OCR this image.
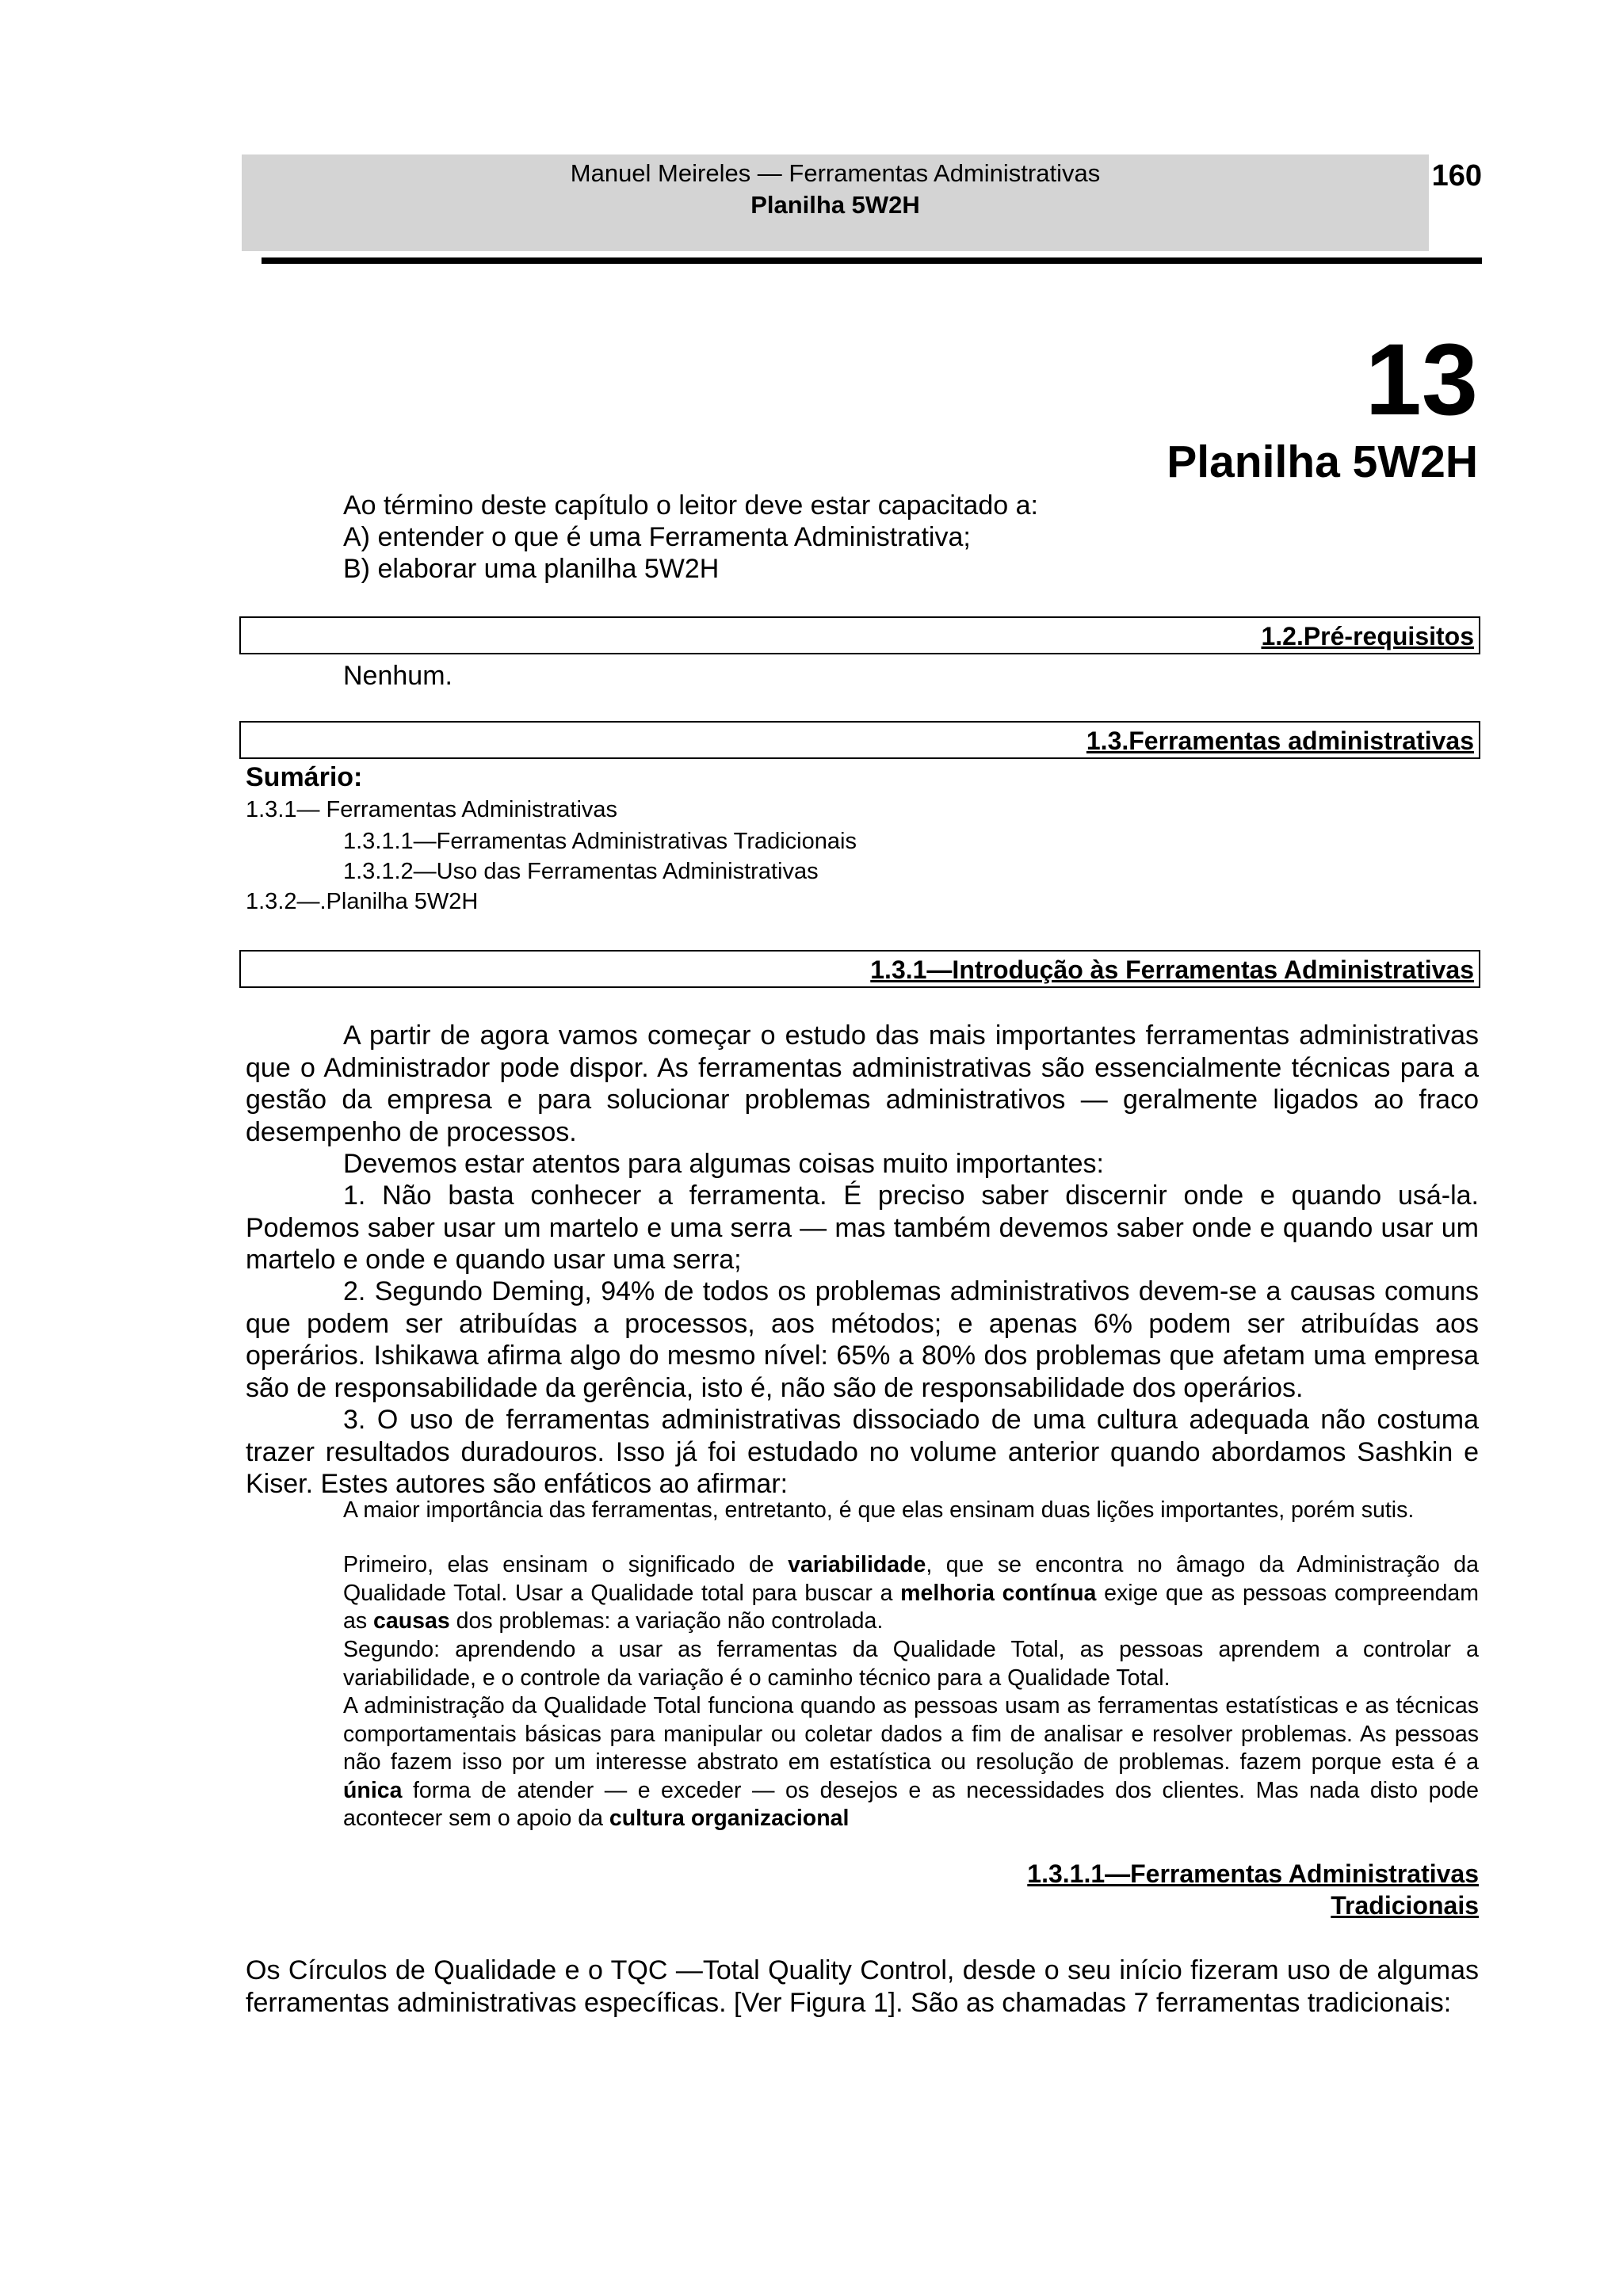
Manuel Meireles — Ferramentas Administrativas
Planilha 5W2H
160
13
Planilha 5W2H
Ao término deste capítulo o leitor deve estar capacitado a:
A) entender o que é uma Ferramenta Administrativa;
B) elaborar uma planilha 5W2H
1.2.Pré-requisitos
Nenhum.
1.3.Ferramentas administrativas
Sumário:
1.3.1— Ferramentas Administrativas
1.3.1.1—Ferramentas Administrativas Tradicionais
1.3.1.2—Uso das Ferramentas Administrativas
1.3.2—.Planilha 5W2H
1.3.1—Introdução às Ferramentas Administrativas
A partir de agora vamos começar o estudo das mais importantes ferramentas administrativas que o Administrador pode dispor. As ferramentas administrativas são essencialmente técnicas para a gestão da empresa e para solucionar problemas administrativos — geralmente ligados ao fraco desempenho de processos.
Devemos estar atentos para algumas coisas muito importantes:
1. Não basta conhecer a ferramenta. É preciso saber discernir onde e quando usá-la. Podemos saber usar um martelo e uma serra — mas também devemos saber onde e quando usar um martelo e onde e quando usar uma serra;
2. Segundo Deming, 94% de todos os problemas administrativos devem-se a causas comuns que podem ser atribuídas a processos, aos métodos; e apenas 6% podem ser atribuídas aos operários. Ishikawa afirma algo do mesmo nível: 65% a 80% dos problemas que afetam uma empresa são de responsabilidade da gerência, isto é, não são de responsabilidade dos operários.
3. O uso de ferramentas administrativas dissociado de uma cultura adequada não costuma trazer resultados duradouros. Isso já foi estudado no volume anterior quando abordamos Sashkin e Kiser. Estes autores são enfáticos ao afirmar:
A maior importância das ferramentas, entretanto, é que elas ensinam duas lições importantes, porém sutis.
Primeiro, elas ensinam o significado de variabilidade, que se encontra no âmago da Administração da Qualidade Total. Usar a Qualidade total para buscar a melhoria contínua exige que as pessoas compreendam as causas dos problemas: a variação não controlada.
Segundo: aprendendo a usar as ferramentas da Qualidade Total, as pessoas aprendem a controlar a variabilidade, e o controle da variação é o caminho técnico para a Qualidade Total.
A administração da Qualidade Total funciona quando as pessoas usam as ferramentas estatísticas e as técnicas comportamentais básicas para manipular ou coletar dados a fim de analisar e resolver problemas. As pessoas não fazem isso por um interesse abstrato em estatística ou resolução de problemas. fazem porque esta é a única forma de atender — e exceder — os desejos e as necessidades dos clientes. Mas nada disto pode acontecer sem o apoio da cultura organizacional
1.3.1.1—Ferramentas Administrativas
Tradicionais
Os Círculos de Qualidade e o TQC —Total Quality Control, desde o seu início fizeram uso de algumas ferramentas administrativas específicas. [Ver Figura 1]. São as chamadas 7 ferramentas tradicionais:
